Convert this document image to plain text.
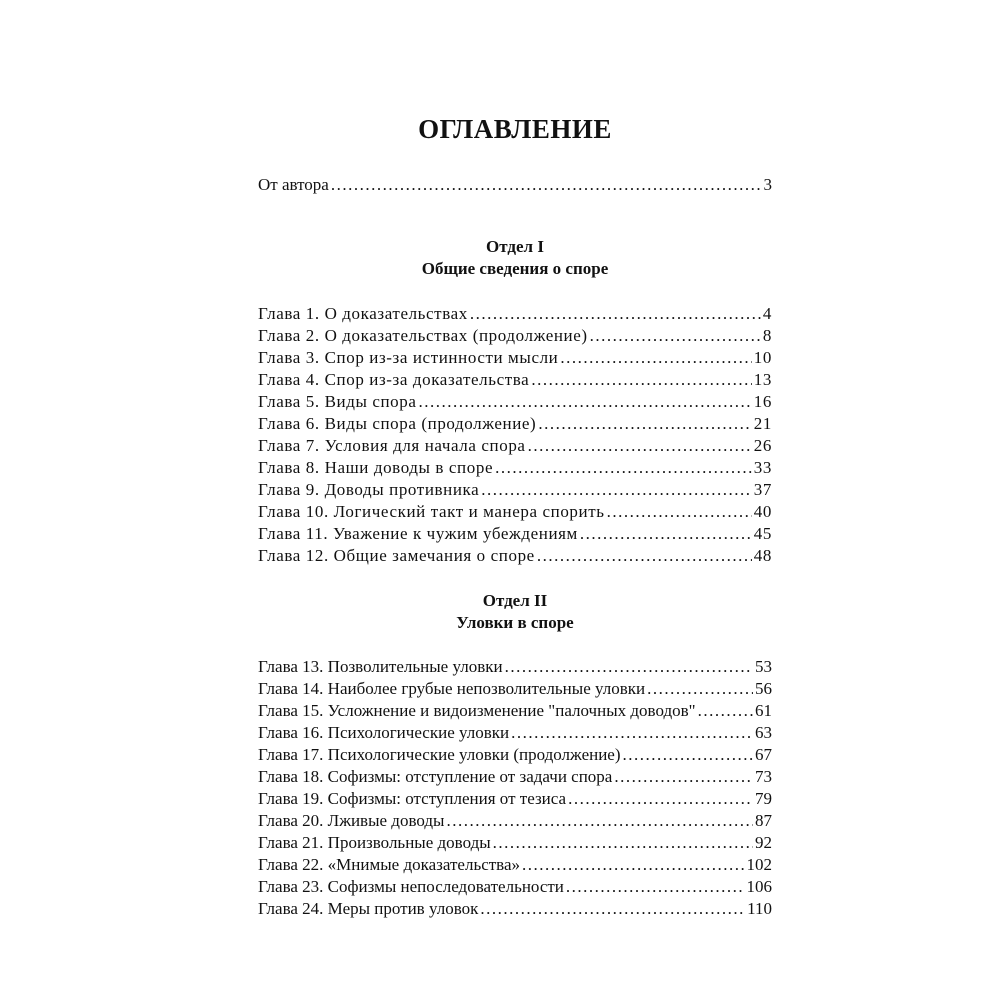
ОГЛАВЛЕНИЕ
От автора .....	3
Отдел I
Общие сведения о споре
Глава 1. О доказательствах .....	4
Глава 2. О доказательствах (продолжение) .....	8
Глава 3. Спор из-за истинности мысли .....	10
Глава 4. Спор из-за доказательства .....	13
Глава 5. Виды спора .....	16
Глава 6. Виды спора (продолжение) .....	21
Глава 7. Условия для начала спора .....	26
Глава 8. Наши доводы в споре .....	33
Глава 9. Доводы противника .....	37
Глава 10. Логический такт и манера спорить .....	40
Глава 11. Уважение к чужим убеждениям .....	45
Глава 12. Общие замечания о споре .....	48
Отдел II
Уловки в споре
Глава 13. Позволительные уловки .....	53
Глава 14. Наиболее грубые непозволительные уловки .....	56
Глава 15. Усложнение и видоизменение "палочных доводов" .....	61
Глава 16. Психологические уловки .....	63
Глава 17. Психологические уловки (продолжение) .....	67
Глава 18. Софизмы: отступление от задачи спора .....	73
Глава 19. Софизмы: отступления от тезиса .....	79
Глава 20. Лживые доводы .....	87
Глава 21. Произвольные доводы .....	92
Глава 22. «Мнимые доказательства» .....	102
Глава 23. Софизмы непоследовательности .....	106
Глава 24. Меры против уловок .....	110
